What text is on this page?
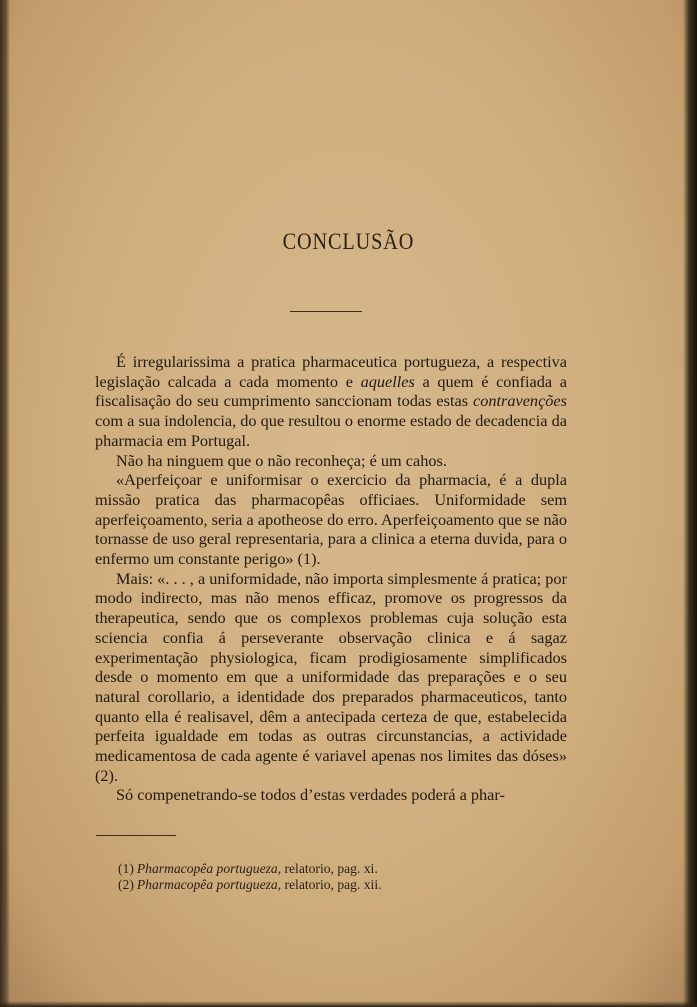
CONCLUSÃO

É irregularissima a pratica pharmaceutica portugueza, a respectiva legislação calcada a cada momento e aquelles a quem é confiada a fiscalisação do seu cumprimento sanccionam todas estas contravenções com a sua indolencia, do que resultou o enorme estado de decadencia da pharmacia em Portugal.

Não ha ninguem que o não reconheça; é um cahos.

«Aperfeiçoar e uniformisar o exercicio da pharmacia, é a dupla missão pratica das pharmacopêas officiaes. Uniformidade sem aperfeiçoamento, seria a apotheose do erro. Aperfeiçoamento que se não tornasse de uso geral representaria, para a clinica a eterna duvida, para o enfermo um constante perigo» (1).

Mais: «. . . , a uniformidade, não importa simplesmente á pratica; por modo indirecto, mas não menos efficaz, promove os progressos da therapeutica, sendo que os complexos problemas cuja solução esta sciencia confia á perseverante observação clinica e á sagaz experimentação physiologica, ficam prodigiosamente simplificados desde o momento em que a uniformidade das preparações e o seu natural corollario, a identidade dos preparados pharmaceuticos, tanto quanto ella é realisavel, dêm a antecipada certeza de que, estabelecida perfeita igualdade em todas as outras circunstancias, a actividade medicamentosa de cada agente é variavel apenas nos limites das dóses» (2).

Só compenetrando-se todos d’estas verdades poderá a phar-

(1) Pharmacopêa portugueza, relatorio, pag. xi.
(2) Pharmacopêa portugueza, relatorio, pag. xii.
